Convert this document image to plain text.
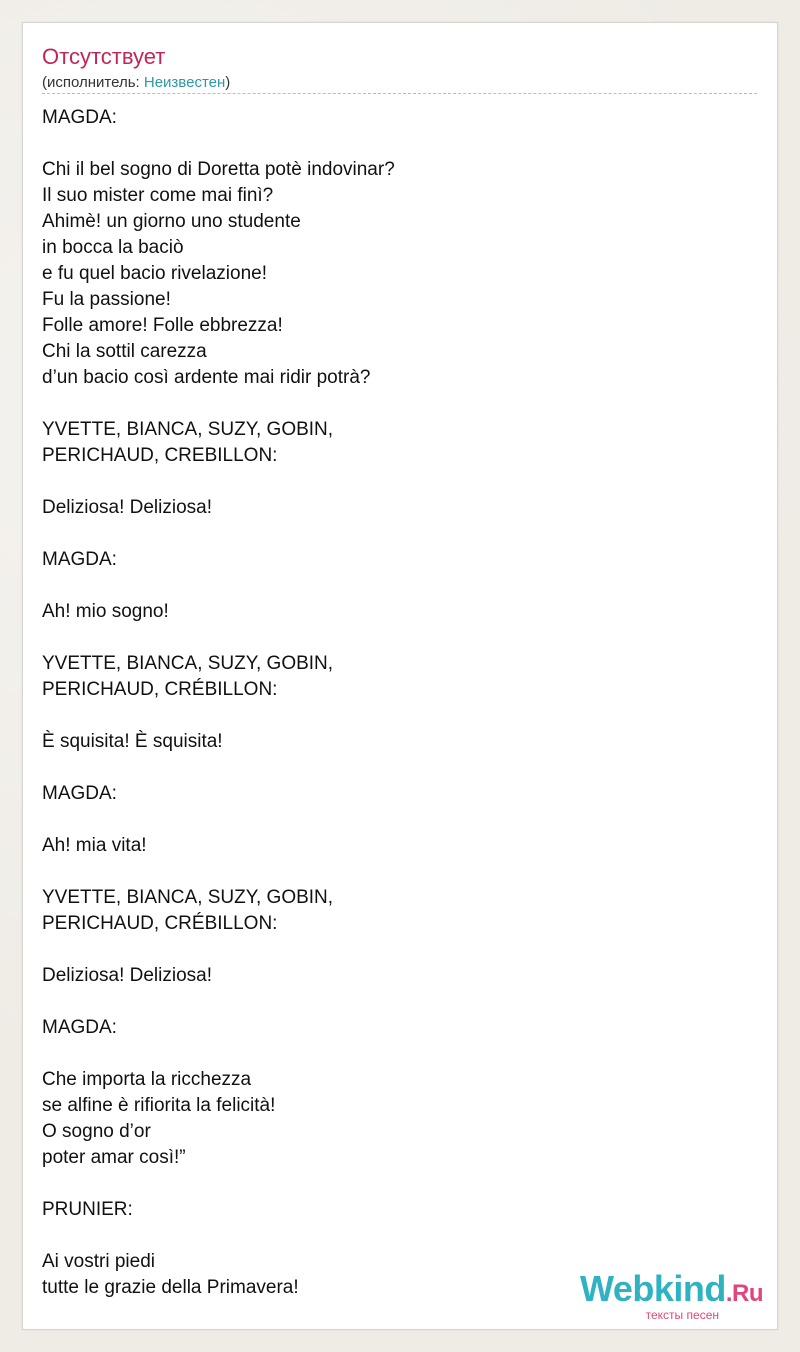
Отсутствует
(исполнитель: Неизвестен)
MAGDA:
Chi il bel sogno di Doretta potè indovinar?
Il suo mister come mai finì?
Ahimè! un giorno uno studente
in bocca la baciò
e fu quel bacio rivelazione!
Fu la passione!
Folle amore! Folle ebbrezza!
Chi la sottil carezza
d’un bacio così ardente mai ridir potrà?
YVETTE, BIANCA, SUZY, GOBIN,
PERICHAUD, CREBILLON:
Deliziosa! Deliziosa!
MAGDA:
Ah! mio sogno!
YVETTE, BIANCA, SUZY, GOBIN,
PERICHAUD, CRÉBILLON:
È squisita! È squisita!
MAGDA:
Ah! mia vita!
YVETTE, BIANCA, SUZY, GOBIN,
PERICHAUD, CRÉBILLON:
Deliziosa! Deliziosa!
MAGDA:
Che importa la ricchezza
se alfine è rifiorita la felicità!
O sogno d’or
poter amar così!”
PRUNIER:
Ai vostri piedi
tutte le grazie della Primavera!	Webkind.Ru
тексты песен
